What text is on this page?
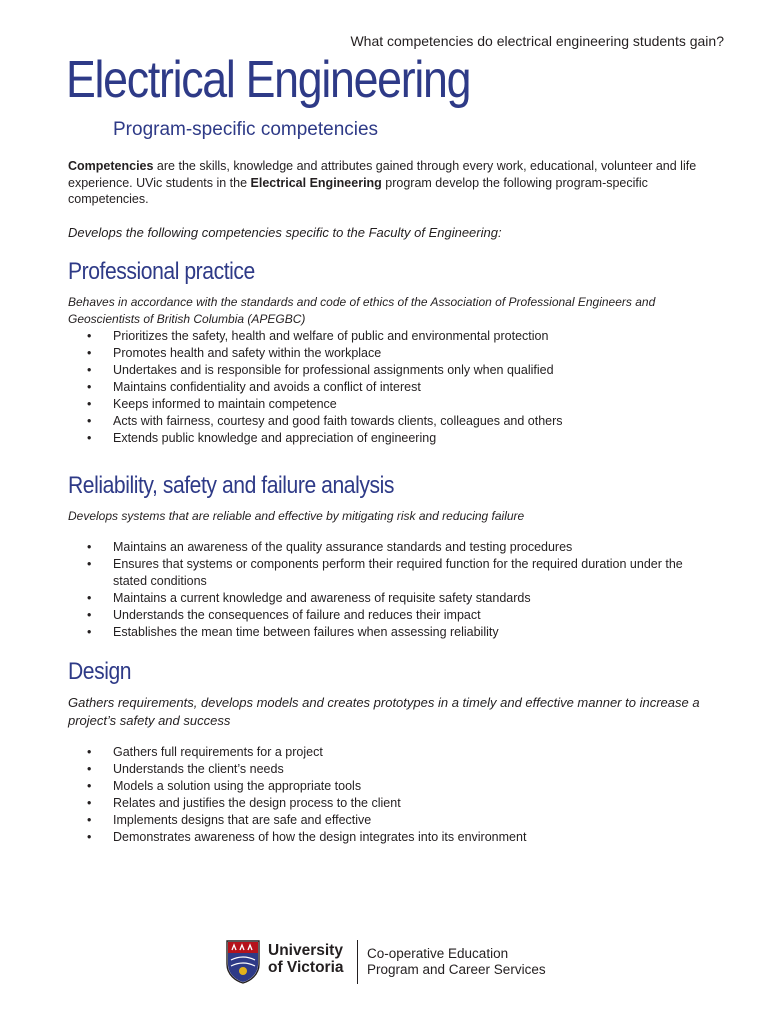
What competencies do electrical engineering students gain?
Electrical Engineering
Program-specific competencies
Competencies are the skills, knowledge and attributes gained through every work, educational, volunteer and life experience. UVic students in the Electrical Engineering program develop the following program-specific competencies.
Develops the following competencies specific to the Faculty of Engineering:
Professional practice
Behaves in accordance with the standards and code of ethics of the Association of Professional Engineers and Geoscientists of British Columbia (APEGBC)
• Prioritizes the safety, health and welfare of public and environmental protection
• Promotes health and safety within the workplace
• Undertakes and is responsible for professional assignments only when qualified
• Maintains confidentiality and avoids a conflict of interest
• Keeps informed to maintain competence
• Acts with fairness, courtesy and good faith towards clients, colleagues and others
• Extends public knowledge and appreciation of engineering
Reliability, safety and failure analysis
Develops systems that are reliable and effective by mitigating risk and reducing failure
• Maintains an awareness of the quality assurance standards and testing procedures
• Ensures that systems or components perform their required function for the required duration under the stated conditions
• Maintains a current knowledge and awareness of requisite safety standards
• Understands the consequences of failure and reduces their impact
• Establishes the mean time between failures when assessing reliability
Design
Gathers requirements, develops models and creates prototypes in a timely and effective manner to increase a project’s safety and success
• Gathers full requirements for a project
• Understands the client’s needs
• Models a solution using the appropriate tools
• Relates and justifies the design process to the client
• Implements designs that are safe and effective
• Demonstrates awareness of how the design integrates into its environment
University
of Victoria
Co-operative Education
Program and Career Services
